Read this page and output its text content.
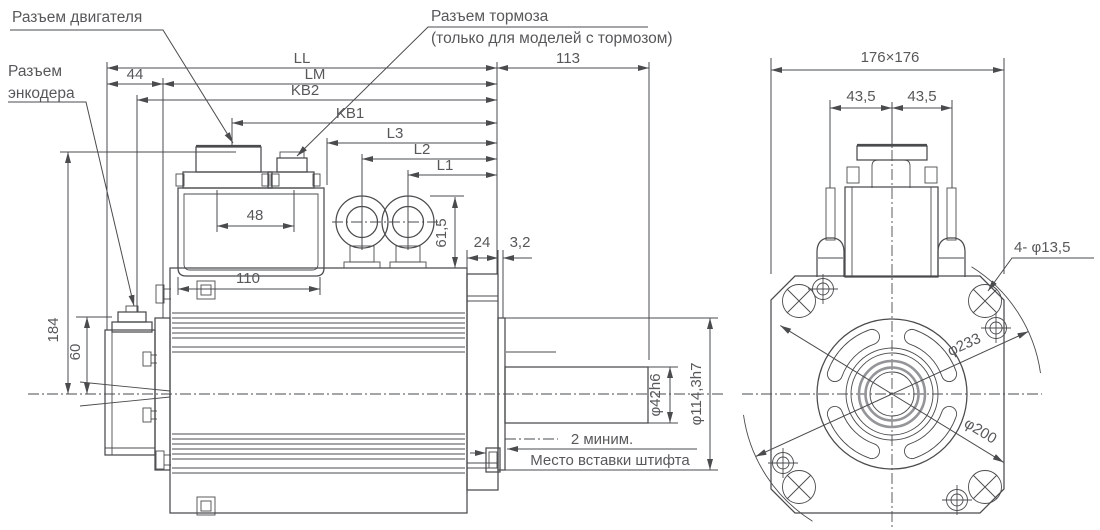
LL
44	LM
KB2
KB1
L3
L2
L1
113
48
110
184
60
61,5 24 3,2
φ42h6 φ114,3h7
Разъем двигателя
Разъем
энкодера
Разъем тормоза
(только для моделей с тормозом)
2 миним.
Место вставки штифта
176×176
43,5 43,5
φ233
φ200
4- φ13,5
